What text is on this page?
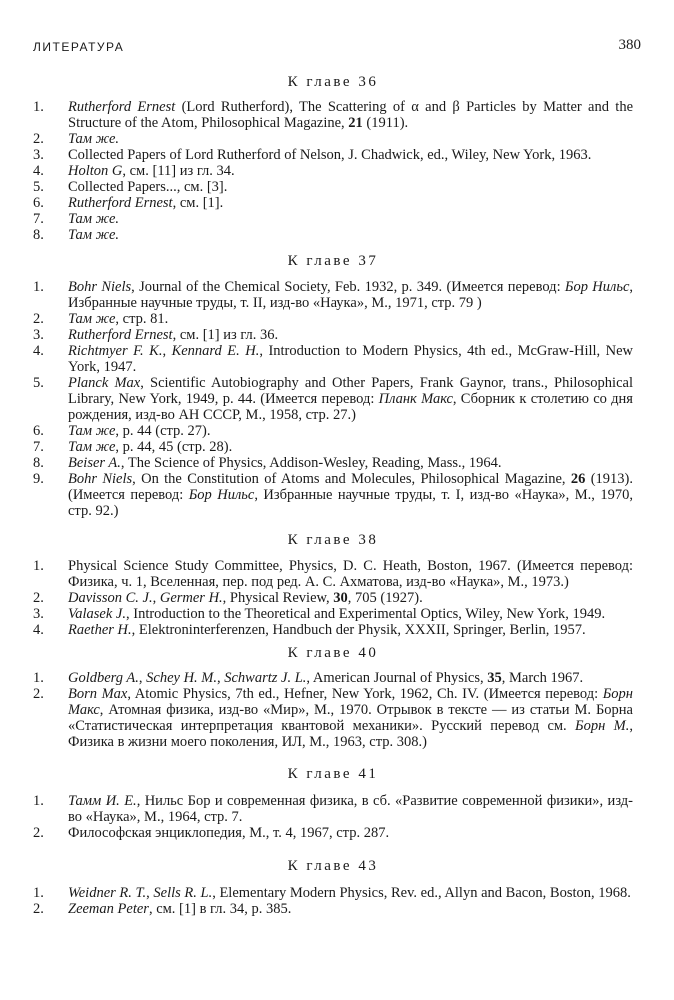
ЛИТЕРАТУРА	380
К главе 36
1.	Rutherford Ernest (Lord Rutherford), The Scattering of α and β Particles by Matter and the Structure of the Atom, Philosophical Magazine, 21 (1911).
2.	Там же.
3.	Collected Papers of Lord Rutherford of Nelson, J. Chadwick, ed., Wiley, New York, 1963.
4.	Holton G, см. [11] из гл. 34.
5.	Collected Papers..., см. [3].
6.	Rutherford Ernest, см. [1].
7.	Там же.
8.	Там же.
К главе 37
1.	Bohr Niels, Journal of the Chemical Society, Feb. 1932, p. 349. (Имеется перевод: Бор Нильс, Избранные научные труды, т. II, изд-во «Наука», М., 1971, стр. 79 )
2.	Там же, стр. 81.
3.	Rutherford Ernest, см. [1] из гл. 36.
4.	Richtmyer F. K., Kennard E. H., Introduction to Modern Physics, 4th ed., McGraw-Hill, New York, 1947.
5.	Planck Max, Scientific Autobiography and Other Papers, Frank Gaynor, trans., Philosophical Library, New York, 1949, p. 44. (Имеется перевод: Планк Макс, Сборник к столетию со дня рождения, изд-во АН СССР, М., 1958, стр. 27.)
6.	Там же, p. 44 (стр. 27).
7.	Там же, p. 44, 45 (стр. 28).
8.	Beiser A., The Science of Physics, Addison-Wesley, Reading, Mass., 1964.
9.	Bohr Niels, On the Constitution of Atoms and Molecules, Philosophical Magazine, 26 (1913). (Имеется перевод: Бор Нильс, Избранные научные труды, т. I, изд-во «Наука», М., 1970, стр. 92.)
К главе 38
1.	Physical Science Study Committee, Physics, D. C. Heath, Boston, 1967. (Имеется перевод: Физика, ч. 1, Вселенная, пер. под ред. А. С. Ахматова, изд-во «Наука», М., 1973.)
2.	Davisson C. J., Germer H., Physical Review, 30, 705 (1927).
3.	Valasek J., Introduction to the Theoretical and Experimental Optics, Wiley, New York, 1949.
4.	Raether H., Elektroninterferenzen, Handbuch der Physik, XXXII, Springer, Berlin, 1957.
К главе 40
1.	Goldberg A., Schey H. M., Schwartz J. L., American Journal of Physics, 35, March 1967.
2.	Born Max, Atomic Physics, 7th ed., Hefner, New York, 1962, Ch. IV. (Имеется перевод: Борн Макс, Атомная физика, изд-во «Мир», М., 1970. Отрывок в тексте — из статьи М. Борна «Статистическая интерпретация квантовой механики». Русский перевод см. Борн М., Физика в жизни моего поколения, ИЛ, М., 1963, стр. 308.)
К главе 41
1.	Тамм И. Е., Нильс Бор и современная физика, в сб. «Развитие современной физики», изд-во «Наука», М., 1964, стр. 7.
2.	Философская энциклопедия, М., т. 4, 1967, стр. 287.
К главе 43
1.	Weidner R. T., Sells R. L., Elementary Modern Physics, Rev. ed., Allyn and Bacon, Boston, 1968.
2.	Zeeman Peter, см. [1] в гл. 34, p. 385.
